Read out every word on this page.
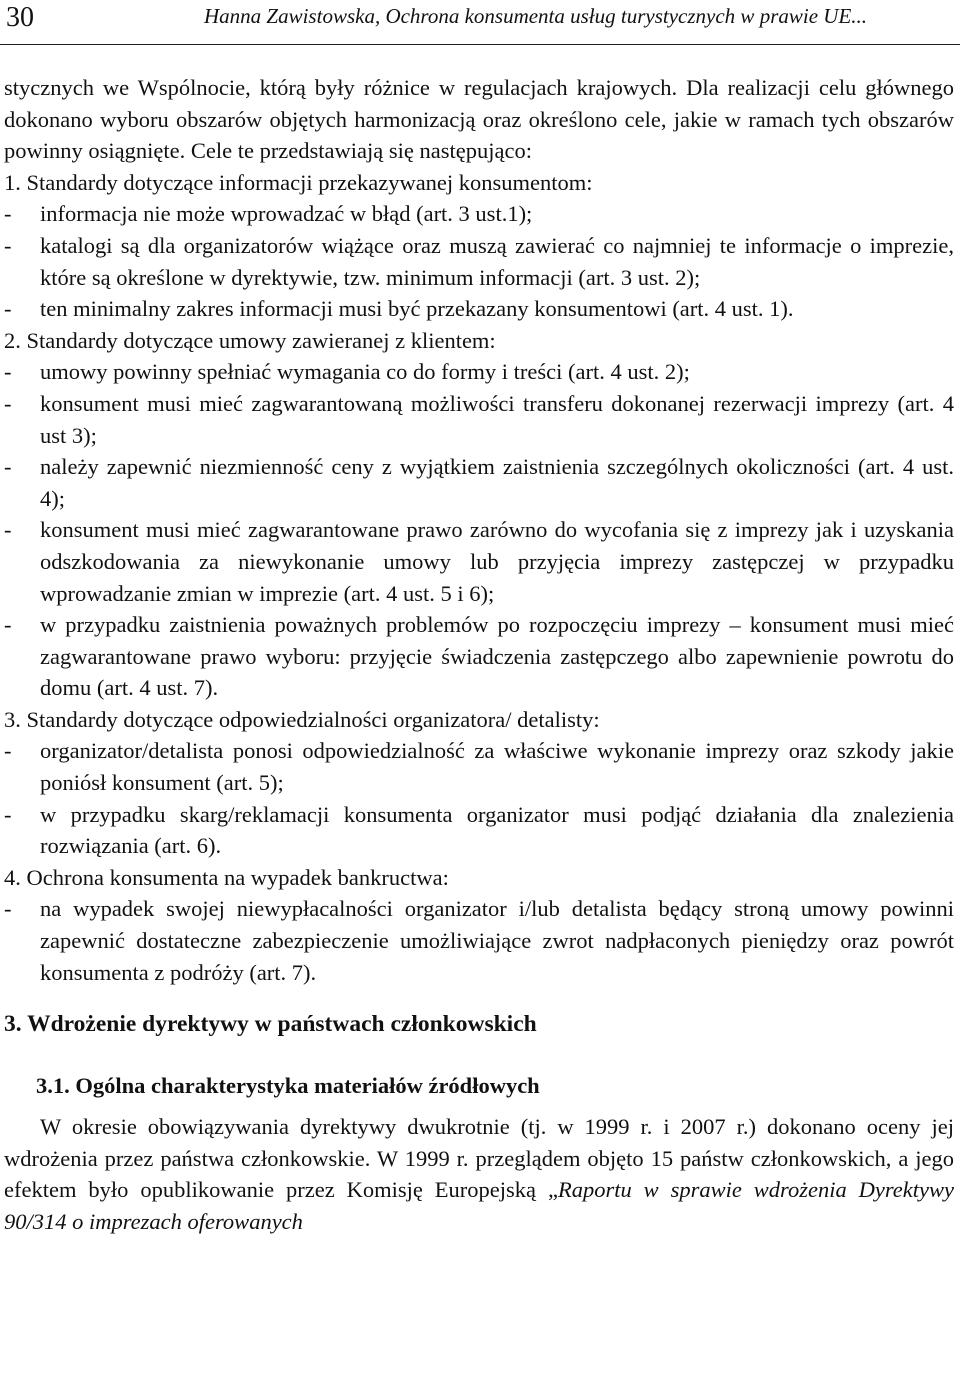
30	Hanna Zawistowska, Ochrona konsumenta usług turystycznych w prawie UE...

stycznych we Wspólnocie, którą były różnice w regulacjach krajowych. Dla realizacji celu głównego dokonano wyboru obszarów objętych harmonizacją oraz określono cele, jakie w ramach tych obszarów powinny osiągnięte. Cele te przedstawiają się następująco:

1. Standardy dotyczące informacji przekazywanej konsumentom:

- informacja nie może wprowadzać w błąd (art. 3 ust.1);

- katalogi są dla organizatorów wiążące oraz muszą zawierać co najmniej te informacje o imprezie, które są określone w dyrektywie, tzw. minimum informacji (art. 3 ust. 2);

- ten minimalny zakres informacji musi być przekazany konsumentowi (art. 4 ust. 1).

2. Standardy dotyczące umowy zawieranej z klientem:

- umowy powinny spełniać wymagania co do formy i treści (art. 4 ust. 2);

- konsument musi mieć zagwarantowaną możliwości transferu dokonanej rezerwacji imprezy (art. 4 ust 3);

- należy zapewnić niezmienność ceny z wyjątkiem zaistnienia szczególnych okoliczności (art. 4 ust. 4);

- konsument musi mieć zagwarantowane prawo zarówno do wycofania się z imprezy jak i uzyskania odszkodowania za niewykonanie umowy lub przyjęcia imprezy zastępczej w przypadku wprowadzanie zmian w imprezie (art. 4 ust. 5 i 6);

- w przypadku zaistnienia poważnych problemów po rozpoczęciu imprezy – konsument musi mieć zagwarantowane prawo wyboru: przyjęcie świadczenia zastępczego albo zapewnienie powrotu do domu (art. 4 ust. 7).

3. Standardy dotyczące odpowiedzialności organizatora/ detalisty:

- organizator/detalista ponosi odpowiedzialność za właściwe wykonanie imprezy oraz szkody jakie poniósł konsument (art. 5);

- w przypadku skarg/reklamacji konsumenta organizator musi podjąć działania dla znalezienia rozwiązania (art. 6).

4. Ochrona konsumenta na wypadek bankructwa:

- na wypadek swojej niewypłacalności organizator i/lub detalista będący stroną umowy powinni zapewnić dostateczne zabezpieczenie umożliwiające zwrot nadpłaconych pieniędzy oraz powrót konsumenta z podróży (art. 7).

3. Wdrożenie dyrektywy w państwach członkowskich
3.1. Ogólna charakterystyka materiałów źródłowych

W okresie obowiązywania dyrektywy dwukrotnie (tj. w 1999 r. i 2007 r.) dokonano oceny jej wdrożenia przez państwa członkowskie. W 1999 r. przeglądem objęto 15 państw członkowskich, a jego efektem było opublikowanie przez Komisję Europejską „Raportu w sprawie wdrożenia Dyrektywy 90/314 o imprezach oferowanych
